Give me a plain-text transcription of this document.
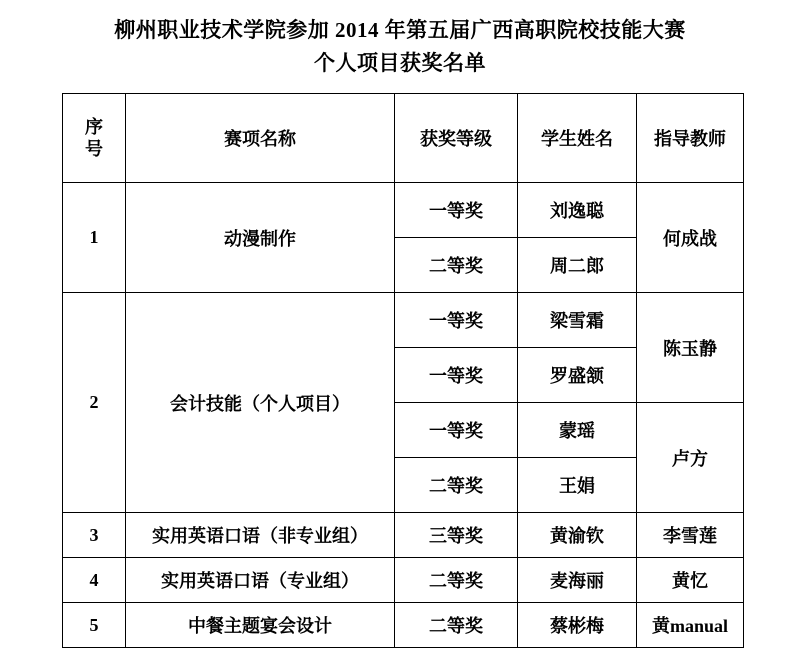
柳州职业技术学院参加 2014 年第五届广西高职院校技能大赛
个人项目获奖名单
序
号	赛项名称	获奖等级	学生姓名	指导教师
1	动漫制作	一等奖	刘逸聪	何成战
		二等奖	周二郎	
2	会计技能（个人项目）	一等奖	梁雪霜	陈玉静
		一等奖	罗盛颔	
		一等奖	蒙瑶	卢方
		二等奖	王娟	
3	实用英语口语（非专业组）	三等奖	黄渝钦	李雪莲
4	实用英语口语（专业组）	二等奖	麦海丽	黄忆
5	中餐主题宴会设计	二等奖	蔡彬梅	黄manual
